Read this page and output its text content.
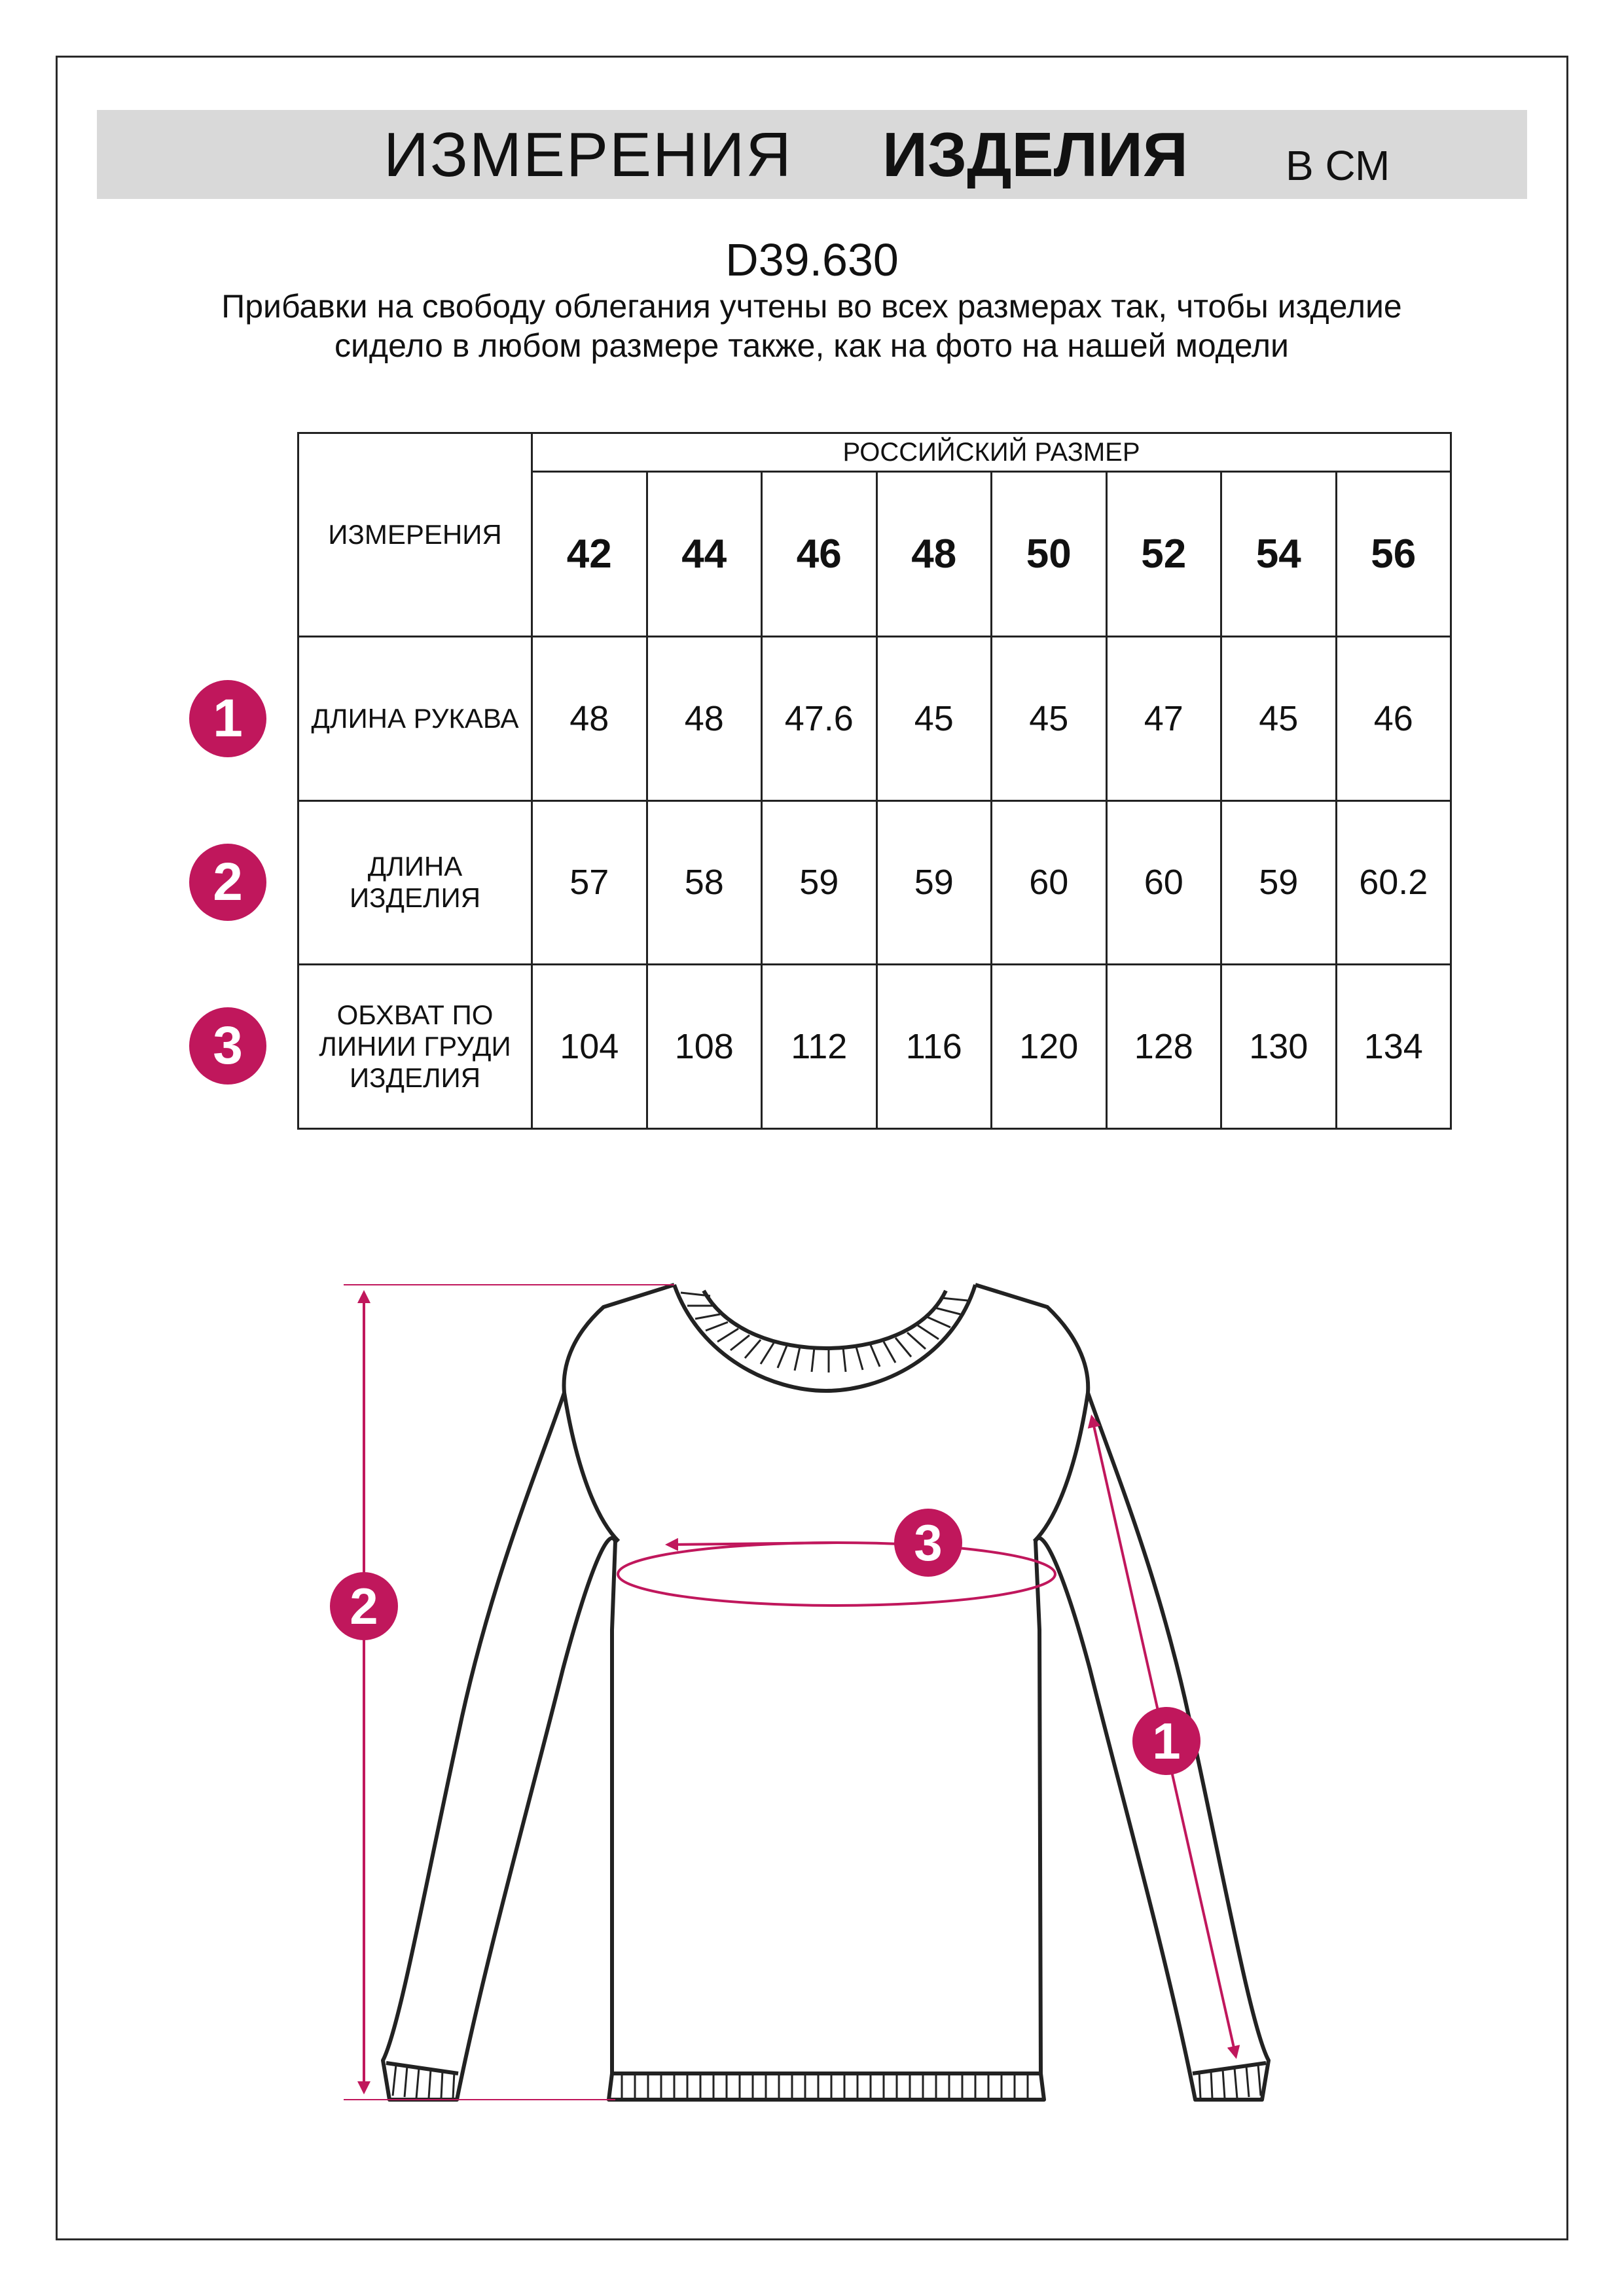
ИЗМЕРЕНИЯ ИЗДЕЛИЯ В СМ
D39.630
Прибавки на свободу облегания учтены во всех размерах так, чтобы изделие сидело в любом размере также, как на фото на нашей модели
ИЗМЕРЕНИЯ	РОССИЙСКИЙ РАЗМЕР							
	42	44	46	48	50	52	54	56
ДЛИНА РУКАВА	48	48	47.6	45	45	47	45	46
ДЛИНА ИЗДЕЛИЯ	57	58	59	59	60	60	59	60.2
ОБХВАТ ПО ЛИНИИ ГРУДИ ИЗДЕЛИЯ	104	108	112	116	120	128	130	134
1
2
3
2
3
1
